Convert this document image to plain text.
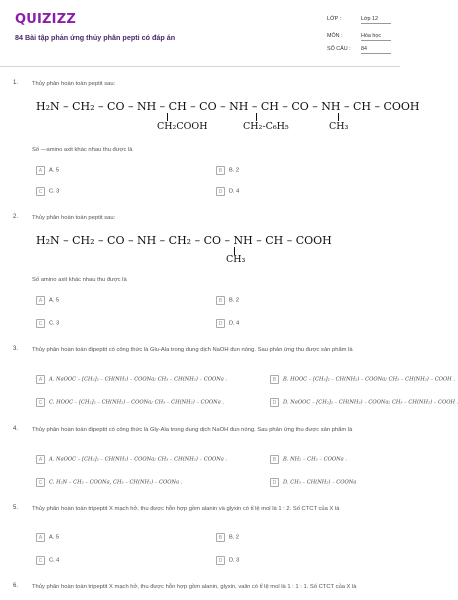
QUIZIZZ
84 Bài tập phản ứng thủy phân pepti có đáp án
LỚP :	Lớp 12
MÔN :	Hóa học
SỐ CÂU :	84
1. Thủy phân hoàn toàn peptit sau:
H₂N – CH₂ – CO – NH – CH – CO – NH – CH – CO – NH – CH – COOH
CH₂COOH	CH₂-C₆H₅	CH₃
Số —amino axit khác nhau thu được là
A A. 5	B B. 2
C C. 3	D D. 4
2. Thủy phân hoàn toàn peptit sau:
H₂N – CH₂ – CO – NH – CH₂ – CO – NH – CH – COOH
CH₃
Số amino axit khác nhau thu được là
A A. 5	B B. 2
C C. 3	D D. 4
3. Thủy phân hoàn toàn đipeptit có công thức là Glu-Ala trong dung dịch NaOH đun nóng. Sau phản ứng thu được sản phẩm là
A A. NaOOC – [CH₂]₂ – CH(NH₂) – COONa; CH₃ – CH(NH₂) – COONa .	B B. HOOC – [CH₂]₂ – CH(NH₂) – COONa; CH₃ – CH(NH₂) – COOH .
C C. HOOC – [CH₂]₂ – CH(NH₂) – COONa; CH₃ – CH(NH₂) – COONa .	D D. NaOOC – [CH₂]₂ – CH(NH₂) – COONa; CH₃ – CH(NH₂) – COOH .
4. Thủy phân hoàn toàn đipeptit có công thức là Gly-Ala trong dung dịch NaOH đun nóng. Sau phản ứng thu được sản phẩm là
A A. NaOOC – [CH₂]₂ – CH(NH₂) – COONa; CH₃ – CH(NH₂) – COONa .	B B. NH₂ – CH₂ – COONa .
C C. H₂N – CH₂ – COONa, CH₃ – CH(NH₂) – COONa .	D D. CH₃ – CH(NH₂) – COONa
5. Thủy phân hoàn toàn tripeptit X mạch hở, thu được hỗn hợp gồm alanin và glyxin có tỉ lệ mol là 1 : 2. Số CTCT của X là
A A. 5	B B. 2
C C. 4	D D. 3
6. Thủy phân hoàn toàn tripeptit X mạch hở, thu được hỗn hợp gồm alanin, glyxin, valin có tỉ lệ mol là 1 : 1 : 1. Số CTCT của X là
